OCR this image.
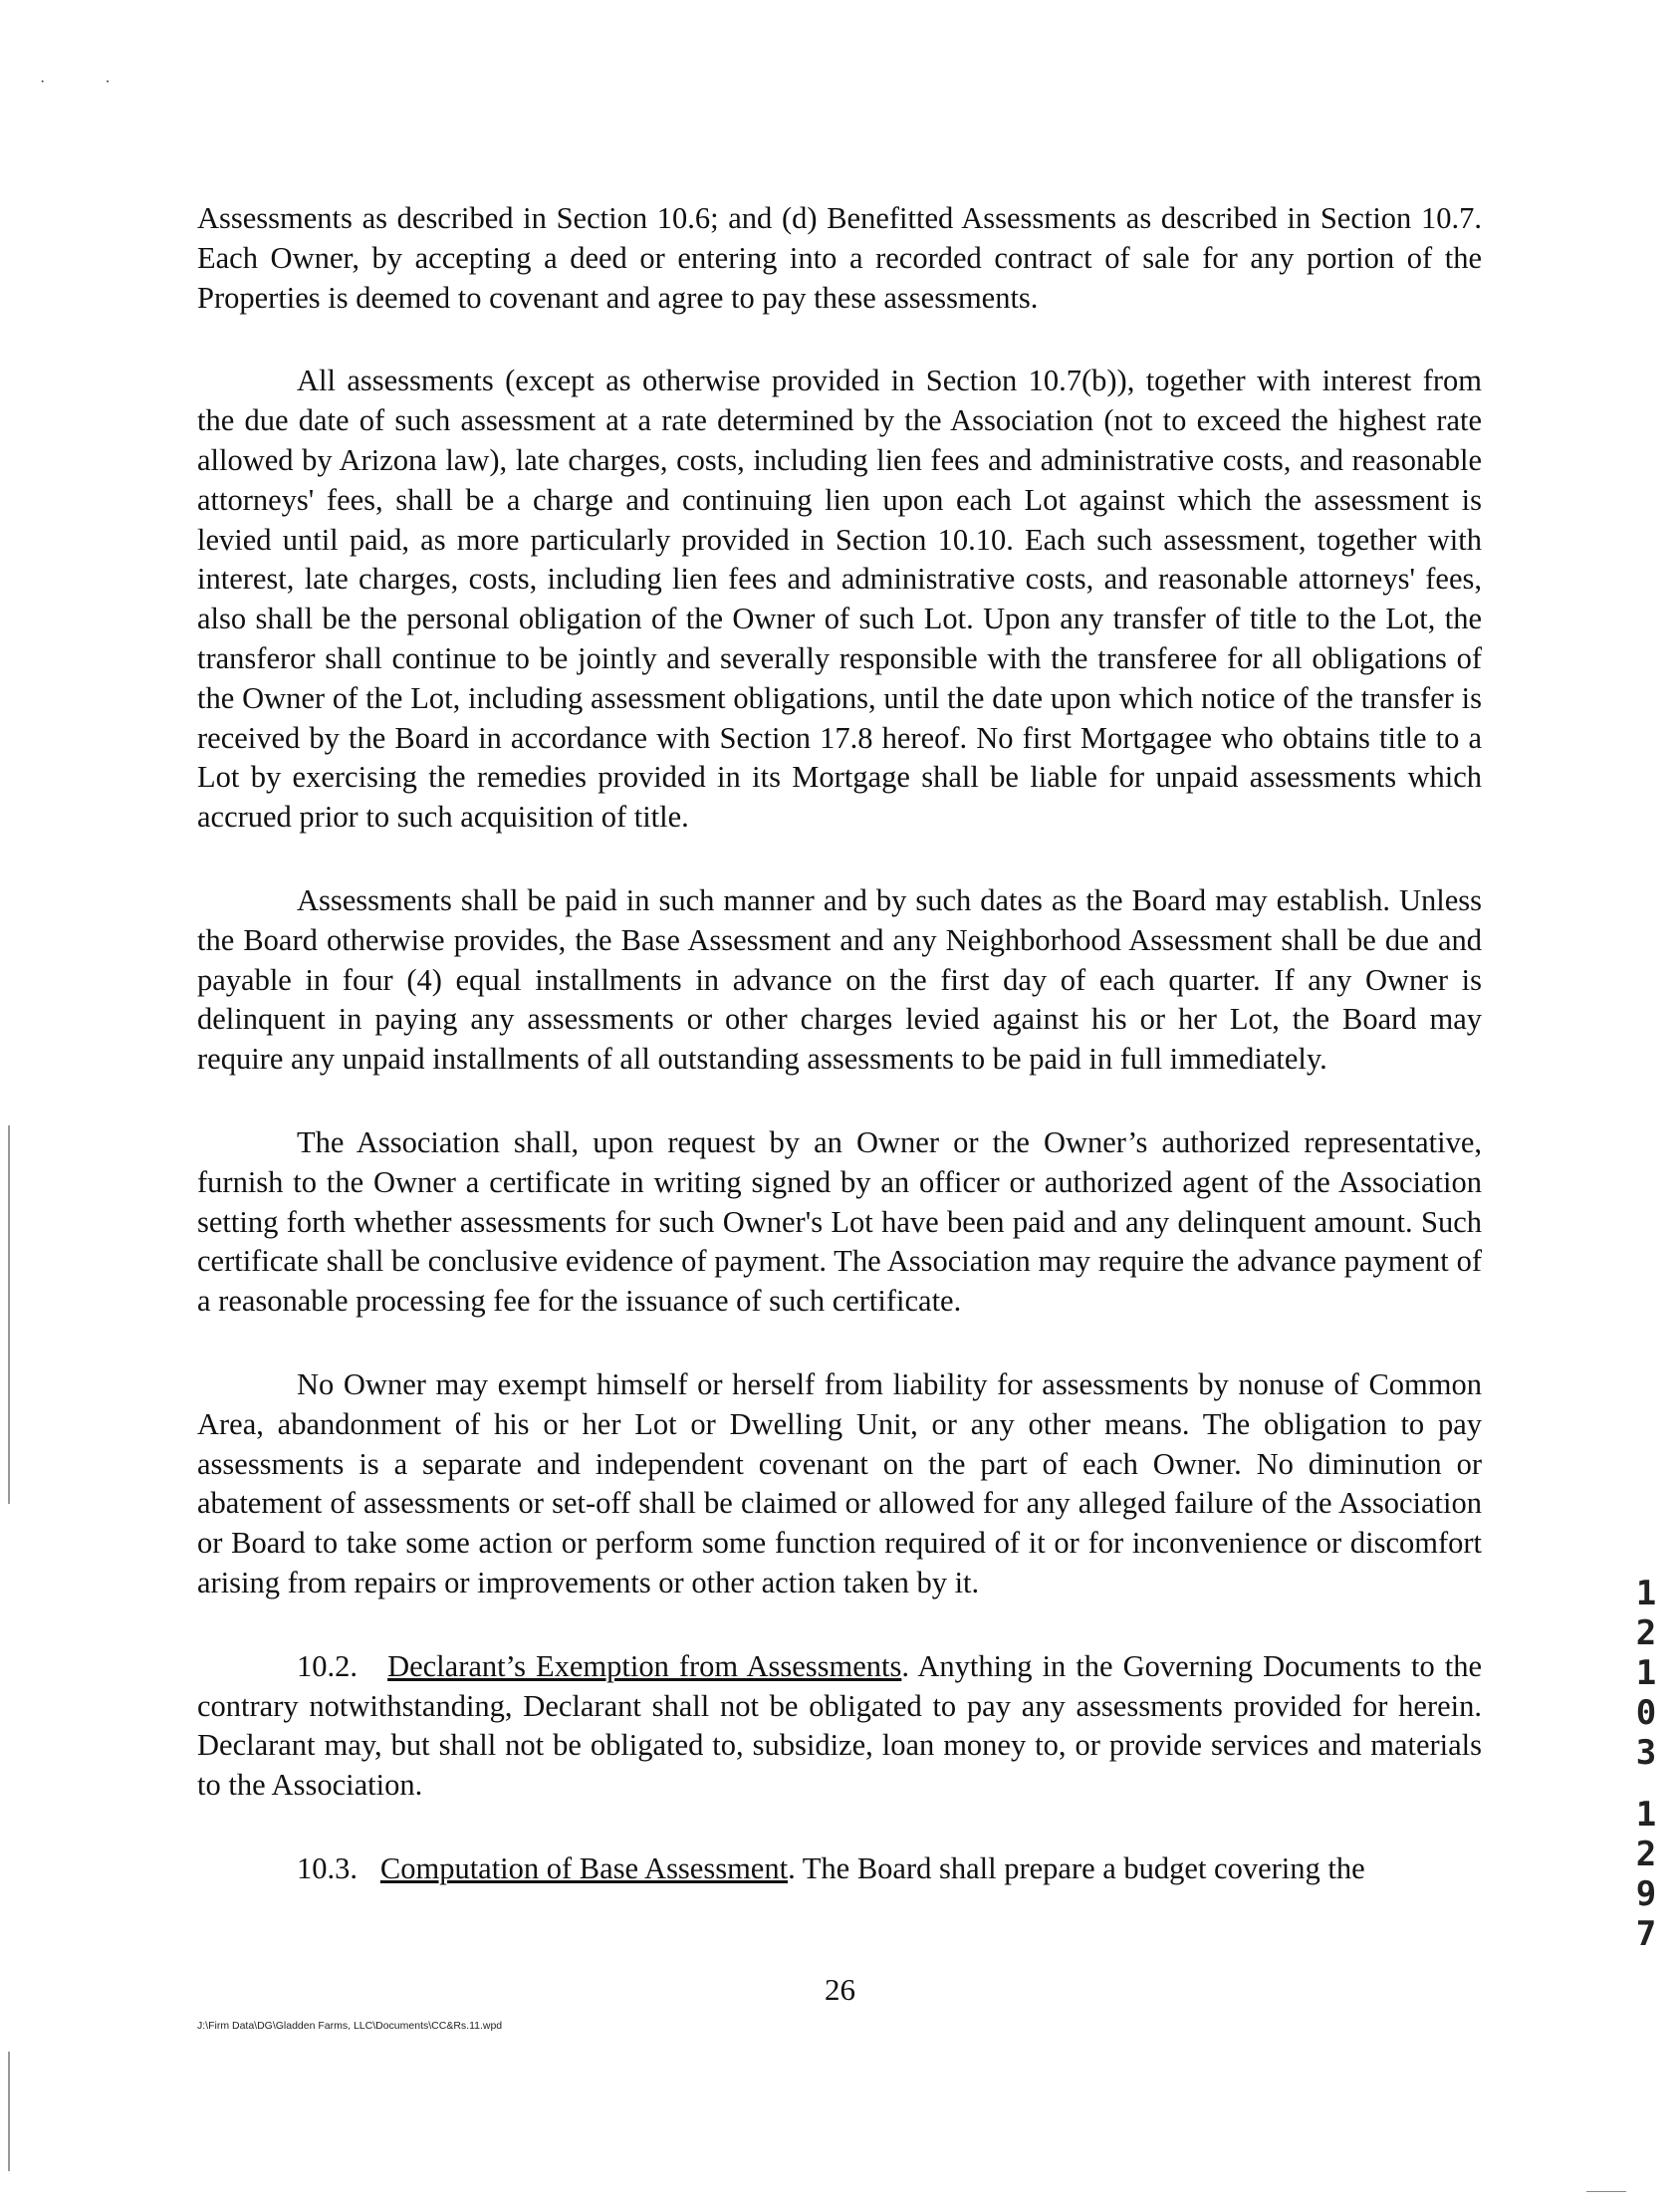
· ·

Assessments as described in Section 10.6; and (d) Benefitted Assessments as described in Section 10.7. Each Owner, by accepting a deed or entering into a recorded contract of sale for any portion of the Properties is deemed to covenant and agree to pay these assessments.

All assessments (except as otherwise provided in Section 10.7(b)), together with interest from the due date of such assessment at a rate determined by the Association (not to exceed the highest rate allowed by Arizona law), late charges, costs, including lien fees and administrative costs, and reasonable attorneys' fees, shall be a charge and continuing lien upon each Lot against which the assessment is levied until paid, as more particularly provided in Section 10.10. Each such assessment, together with interest, late charges, costs, including lien fees and administrative costs, and reasonable attorneys' fees, also shall be the personal obligation of the Owner of such Lot. Upon any transfer of title to the Lot, the transferor shall continue to be jointly and severally responsible with the transferee for all obligations of the Owner of the Lot, including assessment obligations, until the date upon which notice of the transfer is received by the Board in accordance with Section 17.8 hereof. No first Mortgagee who obtains title to a Lot by exercising the remedies provided in its Mortgage shall be liable for unpaid assessments which accrued prior to such acquisition of title.

Assessments shall be paid in such manner and by such dates as the Board may establish. Unless the Board otherwise provides, the Base Assessment and any Neighborhood Assessment shall be due and payable in four (4) equal installments in advance on the first day of each quarter. If any Owner is delinquent in paying any assessments or other charges levied against his or her Lot, the Board may require any unpaid installments of all outstanding assessments to be paid in full immediately.

The Association shall, upon request by an Owner or the Owner’s authorized representative, furnish to the Owner a certificate in writing signed by an officer or authorized agent of the Association setting forth whether assessments for such Owner's Lot have been paid and any delinquent amount. Such certificate shall be conclusive evidence of payment. The Association may require the advance payment of a reasonable processing fee for the issuance of such certificate.

No Owner may exempt himself or herself from liability for assessments by nonuse of Common Area, abandonment of his or her Lot or Dwelling Unit, or any other means. The obligation to pay assessments is a separate and independent covenant on the part of each Owner. No diminution or abatement of assessments or set-off shall be claimed or allowed for any alleged failure of the Association or Board to take some action or perform some function required of it or for inconvenience or discomfort arising from repairs or improvements or other action taken by it.

10.2. Declarant’s Exemption from Assessments. Anything in the Governing Documents to the contrary notwithstanding, Declarant shall not be obligated to pay any assessments provided for herein. Declarant may, but shall not be obligated to, subsidize, loan money to, or provide services and materials to the Association.

10.3. Computation of Base Assessment. The Board shall prepare a budget covering the

1
2
1
0
3
1
2
9
7
26
J:\Firm Data\DG\Gladden Farms, LLC\Documents\CC&Rs.11.wpd
